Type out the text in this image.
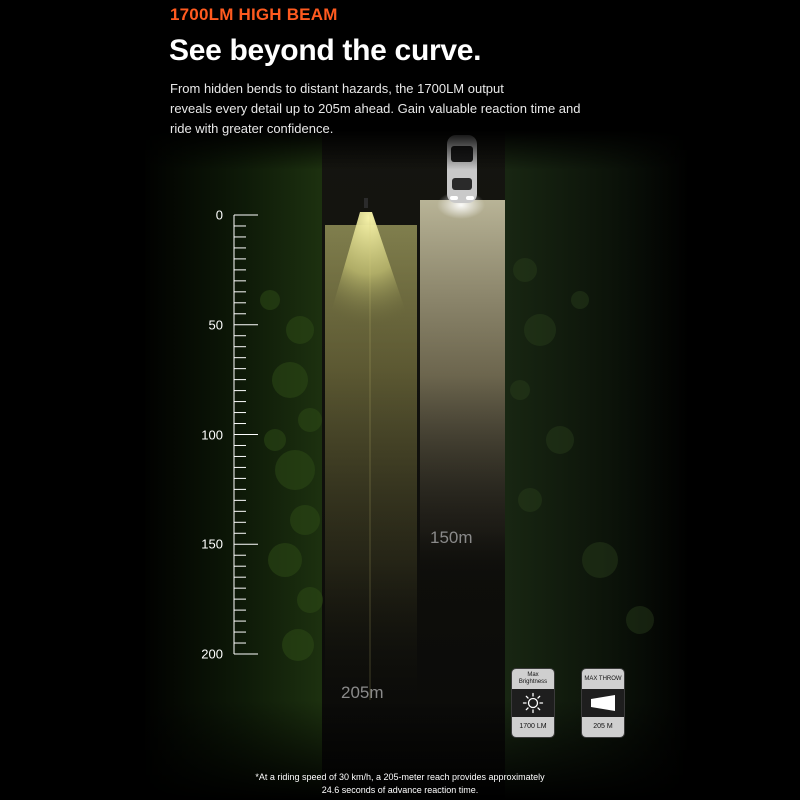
1700LM HIGH BEAM
See beyond the curve.
From hidden bends to distant hazards, the 1700LM output
reveals every detail up to 205m ahead. Gain valuable reaction time and
ride with greater confidence.
0
50
100
150
200
150m
205m
Max Brightness
1700 LM
MAX THROW
205 M
*At a riding speed of 30 km/h, a 205-meter reach provides approximately
24.6 seconds of advance reaction time.
